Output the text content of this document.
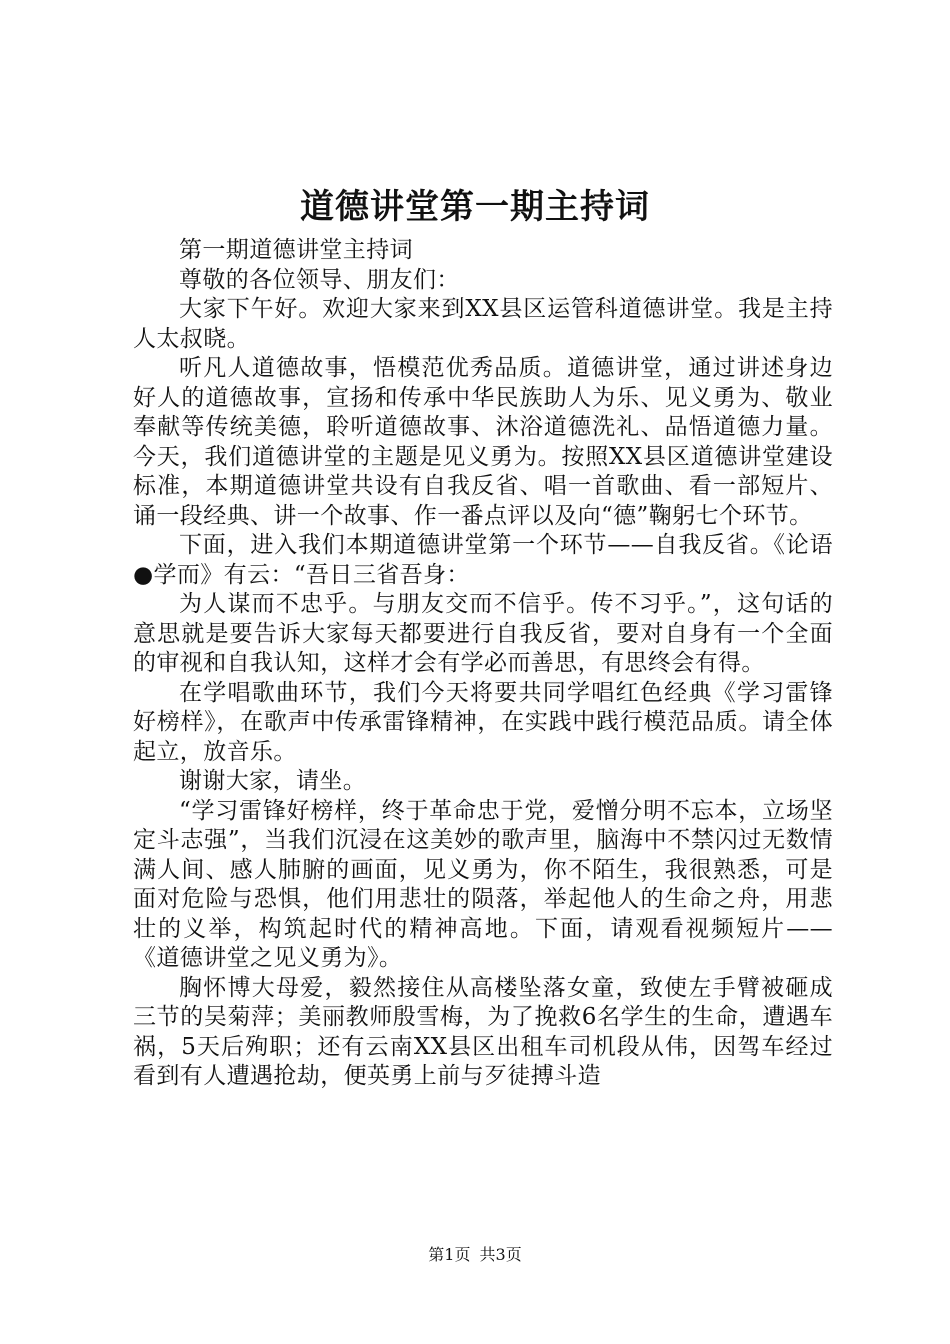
道德讲堂第一期主持词

第一期道德讲堂主持词

尊敬的各位领导、朋友们：

大家下午好。欢迎大家来到XX县区运管科道德讲堂。我是主持人太叔晓。

听凡人道德故事，悟模范优秀品质。道德讲堂，通过讲述身边好人的道德故事，宣扬和传承中华民族助人为乐、见义勇为、敬业奉献等传统美德，聆听道德故事、沐浴道德洗礼、品悟道德力量。今天，我们道德讲堂的主题是见义勇为。按照XX县区道德讲堂建设标准，本期道德讲堂共设有自我反省、唱一首歌曲、看一部短片、诵一段经典、讲一个故事、作一番点评以及向“德”鞠躬七个环节。

下面，进入我们本期道德讲堂第一个环节——自我反省。《论语●学而》有云：“吾日三省吾身：

为人谋而不忠乎。与朋友交而不信乎。传不习乎。”，这句话的意思就是要告诉大家每天都要进行自我反省，要对自身有一个全面的审视和自我认知，这样才会有学必而善思，有思终会有得。

在学唱歌曲环节，我们今天将要共同学唱红色经典《学习雷锋好榜样》，在歌声中传承雷锋精神，在实践中践行模范品质。请全体起立，放音乐。

谢谢大家，请坐。

“学习雷锋好榜样，终于革命忠于党，爱憎分明不忘本，立场坚定斗志强”，当我们沉浸在这美妙的歌声里，脑海中不禁闪过无数情满人间、感人肺腑的画面，见义勇为，你不陌生，我很熟悉，可是面对危险与恐惧，他们用悲壮的陨落，举起他人的生命之舟，用悲壮的义举，构筑起时代的精神高地。下面，请观看视频短片——《道德讲堂之见义勇为》。

胸怀博大母爱，毅然接住从高楼坠落女童，致使左手臂被砸成三节的吴菊萍；美丽教师殷雪梅，为了挽救6名学生的生命，遭遇车祸，5天后殉职；还有云南XX县区出租车司机段从伟，因驾车经过看到有人遭遇抢劫，便英勇上前与歹徒搏斗造

第1页 共3页
